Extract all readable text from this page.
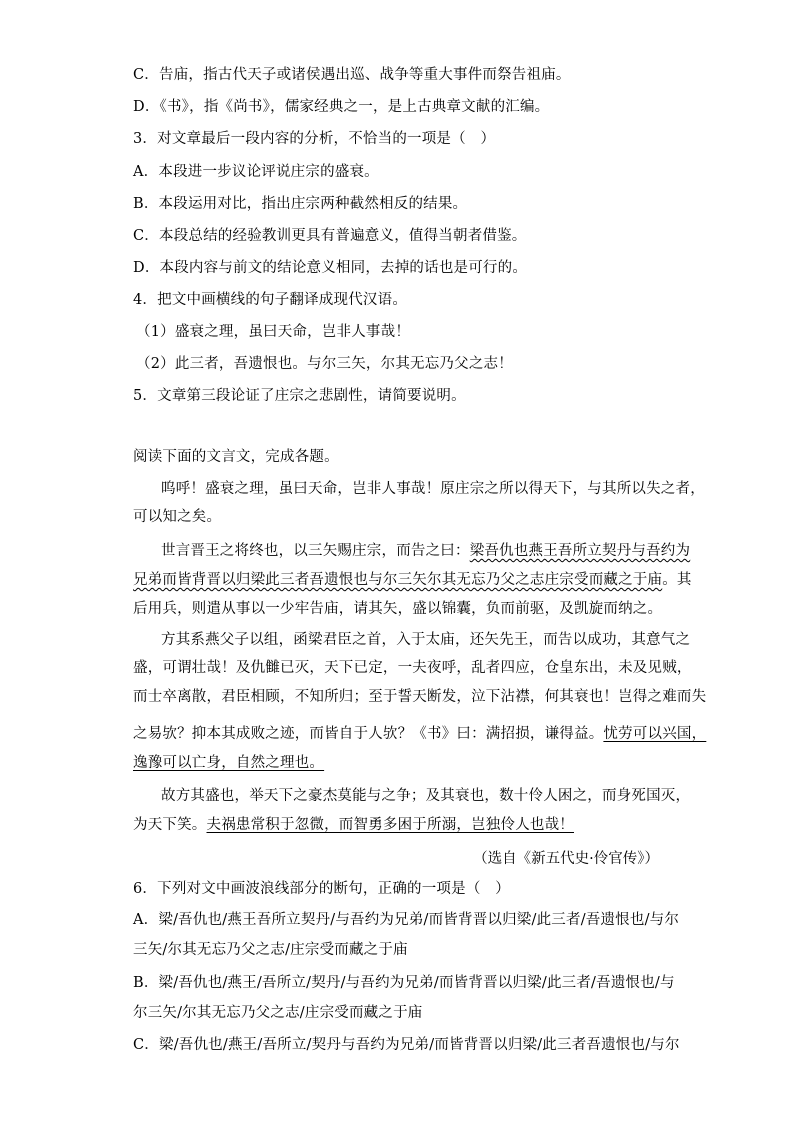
C．告庙，指古代天子或诸侯遇出巡、战争等重大事件而祭告祖庙。
D．《书》，指《尚书》，儒家经典之一，是上古典章文献的汇编。
3．对文章最后一段内容的分析，不恰当的一项是（　）
A．本段进一步议论评说庄宗的盛衰。
B．本段运用对比，指出庄宗两种截然相反的结果。
C．本段总结的经验教训更具有普遍意义，值得当朝者借鉴。
D．本段内容与前文的结论意义相同，去掉的话也是可行的。
4．把文中画横线的句子翻译成现代汉语。
（1）盛衰之理，虽曰天命，岂非人事哉！
（2）此三者，吾遗恨也。与尔三矢，尔其无忘乃父之志！
5．文章第三段论证了庄宗之悲剧性，请简要说明。
阅读下面的文言文，完成各题。
呜呼！盛衰之理，虽曰天命，岂非人事哉！原庄宗之所以得天下，与其所以失之者，
可以知之矣。
世言晋王之将终也，以三矢赐庄宗，而告之曰：梁吾仇也燕王吾所立契丹与吾约为
兄弟而皆背晋以归梁此三者吾遗恨也与尔三矢尔其无忘乃父之志庄宗受而藏之于庙。其
后用兵，则遣从事以一少牢告庙，请其矢，盛以锦囊，负而前驱，及凯旋而纳之。
方其系燕父子以组，函梁君臣之首，入于太庙，还矢先王，而告以成功，其意气之
盛，可谓壮哉！及仇雠已灭，天下已定，一夫夜呼，乱者四应，仓皇东出，未及见贼，
而士卒离散，君臣相顾，不知所归；至于誓天断发，泣下沾襟，何其衰也！岂得之难而失
之易欤？抑本其成败之迹，而皆自于人欤？《书》曰：满招损，谦得益。忧劳可以兴国，
逸豫可以亡身，自然之理也。
故方其盛也，举天下之豪杰莫能与之争；及其衰也，数十伶人困之，而身死国灭，
为天下笑。夫祸患常积于忽微，而智勇多困于所溺，岂独伶人也哉！
（选自《新五代史·伶官传》）
6．下列对文中画波浪线部分的断句，正确的一项是（　）
A．梁/吾仇也/燕王吾所立契丹/与吾约为兄弟/而皆背晋以归梁/此三者/吾遗恨也/与尔
三矢/尔其无忘乃父之志/庄宗受而藏之于庙
B．梁/吾仇也/燕王/吾所立/契丹/与吾约为兄弟/而皆背晋以归梁/此三者/吾遗恨也/与
尔三矢/尔其无忘乃父之志/庄宗受而藏之于庙
C．梁/吾仇也/燕王/吾所立/契丹与吾约为兄弟/而皆背晋以归梁/此三者吾遗恨也/与尔
